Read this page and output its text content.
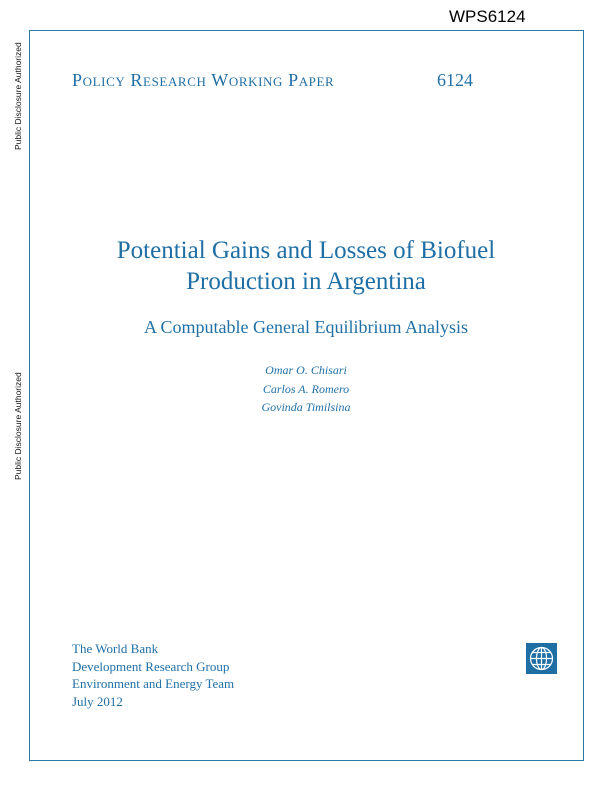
WPS6124
Public Disclosure Authorized
Public Disclosure Authorized
Policy Research Working Paper	6124
Potential Gains and Losses of Biofuel
Production in Argentina
A Computable General Equilibrium Analysis
Omar O. Chisari
Carlos A. Romero
Govinda Timilsina
The World Bank
Development Research Group
Environment and Energy Team
July 2012
